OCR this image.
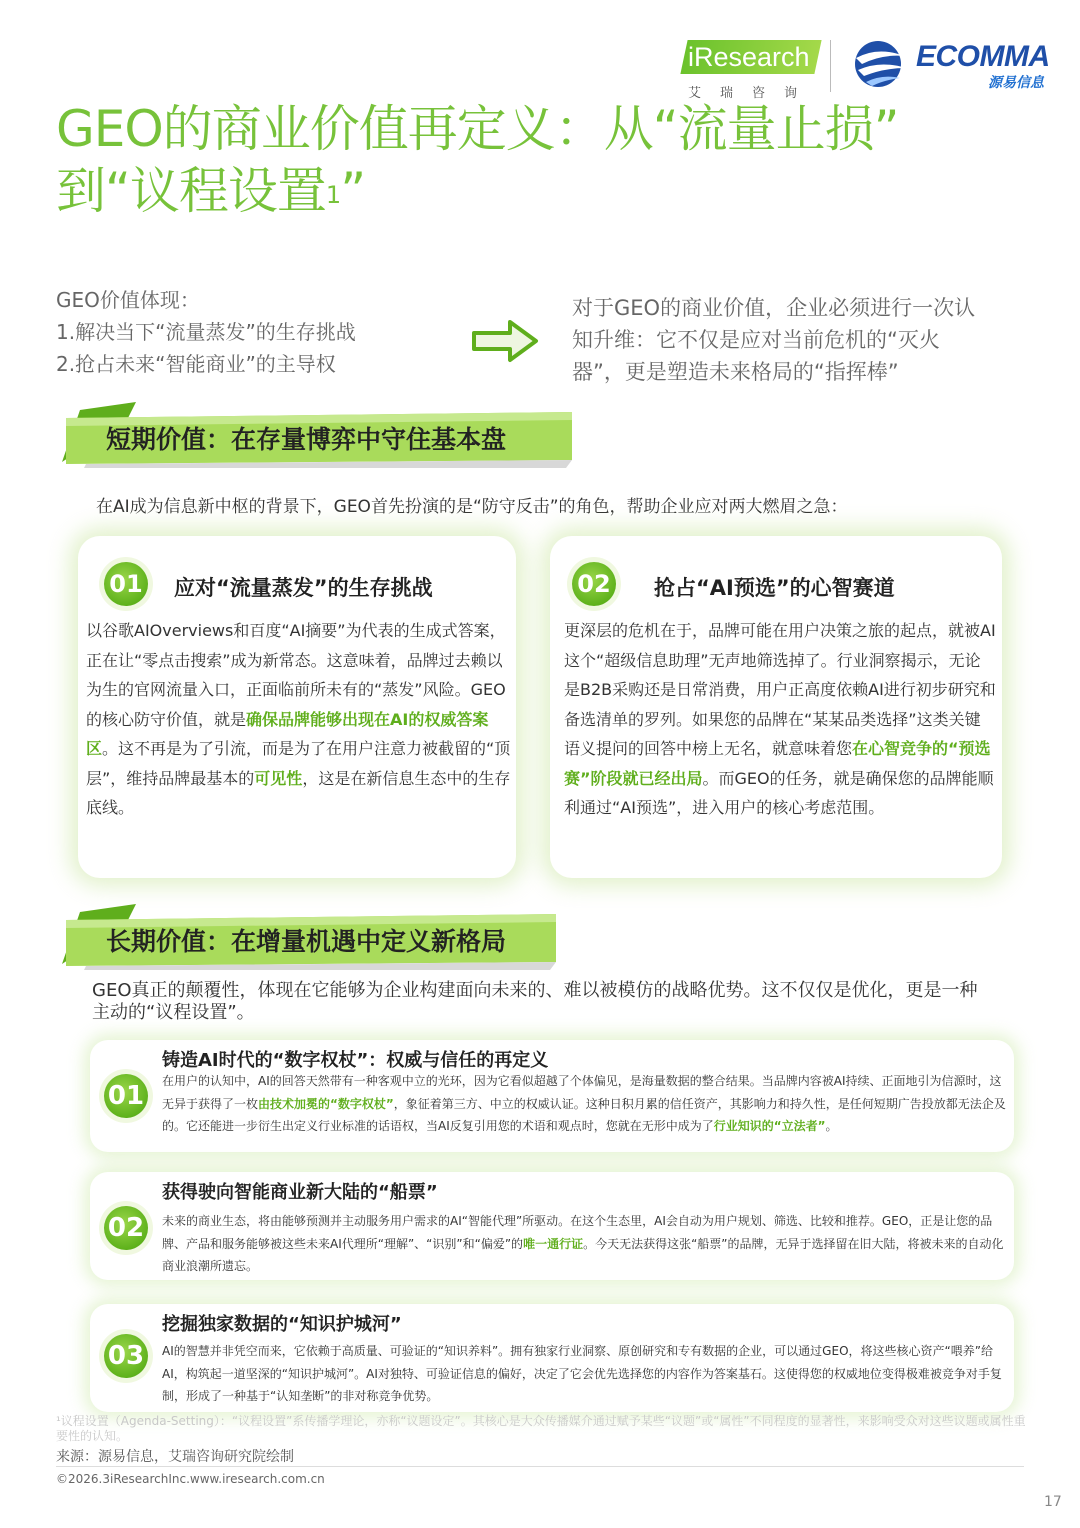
iResearch
艾瑞咨询
ECOMMA
源易信息
GEO的商业价值再定义：从“流量止损”
到“议程设置$^1$”
GEO价值体现：
1.解决当下“流量蒸发”的生存挑战
2.抢占未来“智能商业”的主导权
对于GEO的商业价值，企业必须进行一次认知升维：它不仅是应对当前危机的“灭火器”，更是塑造未来格局的“指挥棒”
短期价值：在存量博弈中守住基本盘
在AI成为信息新中枢的背景下，GEO首先扮演的是“防守反击”的角色，帮助企业应对两大燃眉之急：
01 应对“流量蒸发”的生存挑战
以谷歌AIOverviews和百度“AI摘要”为代表的生成式答案，正在让“零点击搜索”成为新常态。这意味着，品牌过去赖以为生的官网流量入口，正面临前所未有的“蒸发”风险。GEO的核心防守价值，就是确保品牌能够出现在AI的权威答案区。这不再是为了引流，而是为了在用户注意力被截留的“顶层”，维持品牌最基本的可见性，这是在新信息生态中的生存底线。
02 抢占“AI预选”的心智赛道
更深层的危机在于，品牌可能在用户决策之旅的起点，就被AI这个“超级信息助理”无声地筛选掉了。行业洞察揭示，无论是B2B采购还是日常消费，用户正高度依赖AI进行初步研究和备选清单的罗列。如果您的品牌在“某某品类选择”这类关键语义提问的回答中榜上无名，就意味着您在心智竞争的“预选赛”阶段就已经出局。而GEO的任务，就是确保您的品牌能顺利通过“AI预选”，进入用户的核心考虑范围。
长期价值：在增量机遇中定义新格局
GEO真正的颠覆性，体现在它能够为企业构建面向未来的、难以被模仿的战略优势。这不仅仅是优化，更是一种主动的“议程设置”。
01
铸造AI时代的“数字权杖”：权威与信任的再定义
在用户的认知中，AI的回答天然带有一种客观中立的光环，因为它看似超越了个体偏见，是海量数据的整合结果。当品牌内容被AI持续、正面地引为信源时，这无异于获得了一枚由技术加冕的“数字权杖”，象征着第三方、中立的权威认证。这种日积月累的信任资产，其影响力和持久性，是任何短期广告投放都无法企及的。它还能进一步衍生出定义行业标准的话语权，当AI反复引用您的术语和观点时，您就在无形中成为了行业知识的“立法者”。
02
获得驶向智能商业新大陆的“船票”
未来的商业生态，将由能够预测并主动服务用户需求的AI“智能代理”所驱动。在这个生态里，AI会自动为用户规划、筛选、比较和推荐。GEO，正是让您的品牌、产品和服务能够被这些未来AI代理所“理解”、“识别”和“偏爱”的唯一通行证。今天无法获得这张“船票”的品牌，无异于选择留在旧大陆，将被未来的自动化商业浪潮所遗忘。
03
挖掘独家数据的“知识护城河”
AI的智慧并非凭空而来，它依赖于高质量、可验证的“知识养料”。拥有独家行业洞察、原创研究和专有数据的企业，可以通过GEO，将这些核心资产“喂养”给AI，构筑起一道坚深的“知识护城河”。AI对独特、可验证信息的偏好，决定了它会优先选择您的内容作为答案基石。这使得您的权威地位变得极难被竞争对手复制，形成了一种基于“认知垄断”的非对称竞争优势。
¹议程设置（Agenda-Setting）：“议程设置”系传播学理论，亦称“议题设定”。其核心是大众传播媒介通过赋予某些“议题”或“属性”不同程度的显著性，来影响受众对这些议题或属性重要性的认知。
来源：源易信息，艾瑞咨询研究院绘制
©2026.3iResearchInc.www.iresearch.com.cn
17
